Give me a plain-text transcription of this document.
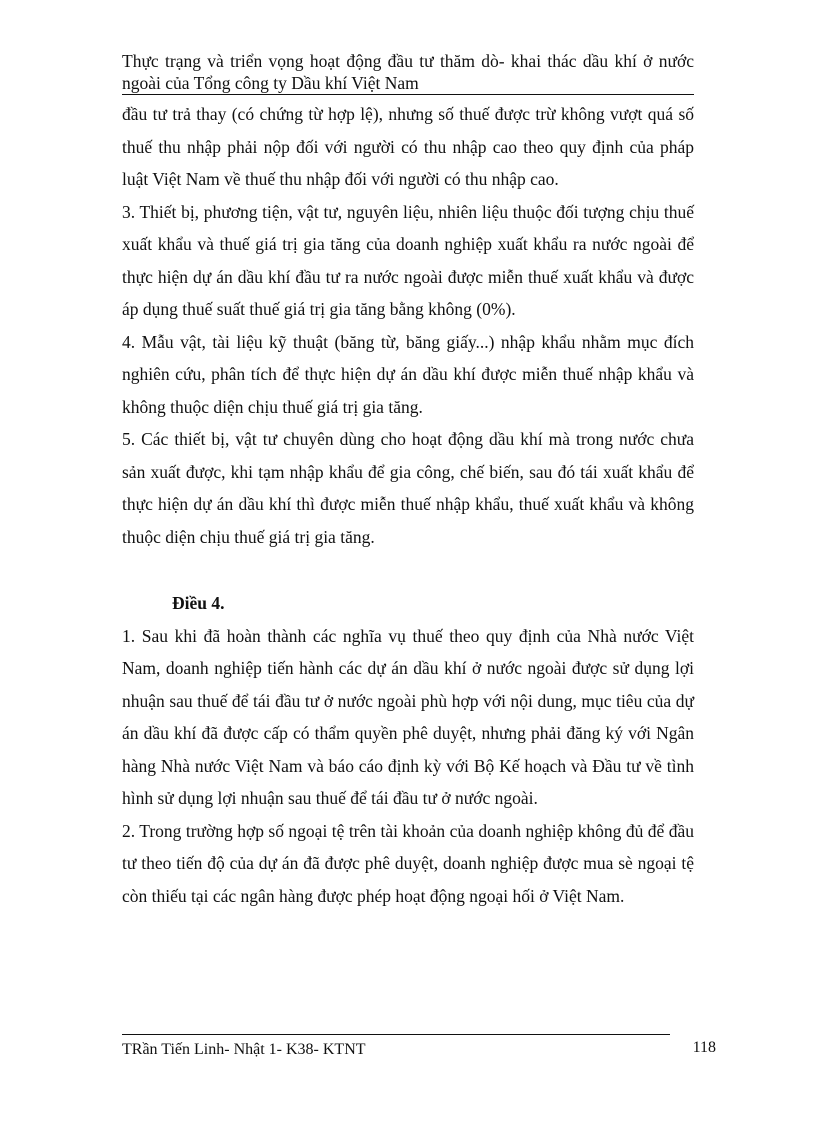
Thực trạng và triển vọng hoạt động đầu tư thăm dò- khai thác dầu khí ở nước ngoài của Tổng công ty Dầu khí Việt Nam

đầu tư trả thay (có chứng từ hợp lệ), nhưng số thuế được trừ không vượt quá số thuế thu nhập phải nộp đối với người có thu nhập cao theo quy định của pháp luật Việt Nam về thuế thu nhập đối với người có thu nhập cao.

3. Thiết bị, phương tiện, vật tư, nguyên liệu, nhiên liệu thuộc đối tượng chịu thuế xuất khẩu và thuế giá trị gia tăng của doanh nghiệp xuất khẩu ra nước ngoài để thực hiện dự án dầu khí đầu tư ra nước ngoài được miễn thuế xuất khẩu và được áp dụng thuế suất thuế giá trị gia tăng bằng không (0%).

4. Mẫu vật, tài liệu kỹ thuật (băng từ, băng giấy...) nhập khẩu nhằm mục đích nghiên cứu, phân tích để thực hiện dự án dầu khí được miễn thuế nhập khẩu và không thuộc diện chịu thuế giá trị gia tăng.

5. Các thiết bị, vật tư chuyên dùng cho hoạt động dầu khí mà trong nước chưa sản xuất được, khi tạm nhập khẩu để gia công, chế biến, sau đó tái xuất khẩu để thực hiện dự án dầu khí thì được miễn thuế nhập khẩu, thuế xuất khẩu và không thuộc diện chịu thuế giá trị gia tăng.

Điều 4.

1. Sau khi đã hoàn thành các nghĩa vụ thuế theo quy định của Nhà nước Việt Nam, doanh nghiệp tiến hành các dự án dầu khí ở nước ngoài được sử dụng lợi nhuận sau thuế để tái đầu tư ở nước ngoài phù hợp với nội dung, mục tiêu của dự án dầu khí đã được cấp có thẩm quyền phê duyệt, nhưng phải đăng ký với Ngân hàng Nhà nước Việt Nam và báo cáo định kỳ với Bộ Kế hoạch và Đầu tư về tình hình sử dụng lợi nhuận sau thuế để tái đầu tư ở nước ngoài.

2. Trong trường hợp số ngoại tệ trên tài khoản của doanh nghiệp không đủ để đầu tư theo tiến độ của dự án đã được phê duyệt, doanh nghiệp được mua sè ngoại tệ còn thiếu tại các ngân hàng được phép hoạt động ngoại hối ở Việt Nam.

TRần Tiến Linh- Nhật 1- K38- KTNT	118
